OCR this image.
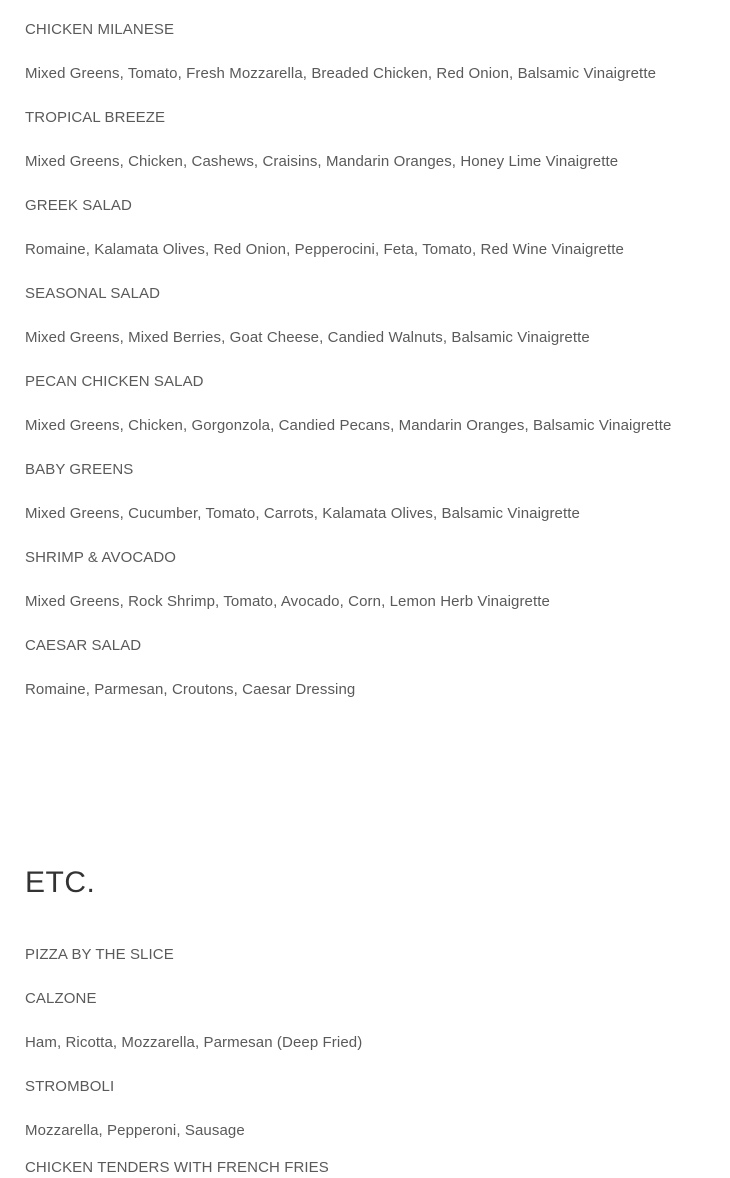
CHICKEN MILANESE

Mixed Greens, Tomato, Fresh Mozzarella, Breaded Chicken, Red Onion, Balsamic Vinaigrette

TROPICAL BREEZE

Mixed Greens, Chicken, Cashews, Craisins, Mandarin Oranges, Honey Lime Vinaigrette

GREEK SALAD

Romaine, Kalamata Olives, Red Onion, Pepperocini, Feta, Tomato, Red Wine Vinaigrette

SEASONAL SALAD

Mixed Greens, Mixed Berries, Goat Cheese, Candied Walnuts, Balsamic Vinaigrette

PECAN CHICKEN SALAD

Mixed Greens, Chicken, Gorgonzola, Candied Pecans, Mandarin Oranges, Balsamic Vinaigrette

BABY GREENS

Mixed Greens, Cucumber, Tomato, Carrots, Kalamata Olives, Balsamic Vinaigrette

SHRIMP & AVOCADO

Mixed Greens, Rock Shrimp, Tomato, Avocado, Corn, Lemon Herb Vinaigrette

CAESAR SALAD

Romaine, Parmesan, Croutons, Caesar Dressing

ETC.

PIZZA BY THE SLICE

CALZONE

Ham, Ricotta, Mozzarella, Parmesan (Deep Fried)

STROMBOLI

Mozzarella, Pepperoni, Sausage

CHICKEN TENDERS WITH FRENCH FRIES
